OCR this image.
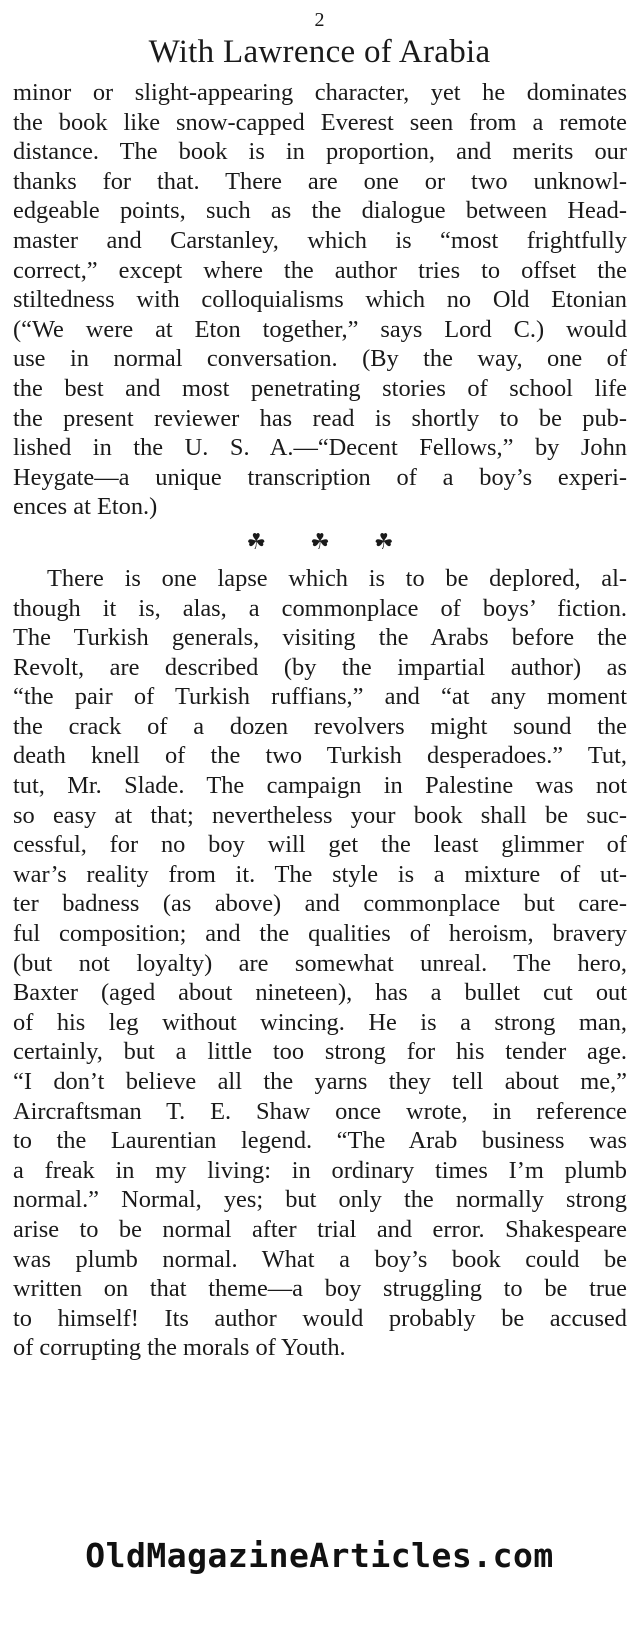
2
With Lawrence of Arabia
minor or slight-appearing character, yet he dominates
the book like snow-capped Everest seen from a remote
distance. The book is in proportion, and merits our
thanks for that. There are one or two unknowl-
edgeable points, such as the dialogue between Head-
master and Carstanley, which is “most frightfully
correct,” except where the author tries to offset the
stiltedness with colloquialisms which no Old Etonian
(“We were at Eton together,” says Lord C.) would
use in normal conversation. (By the way, one of
the best and most penetrating stories of school life
the present reviewer has read is shortly to be pub-
lished in the U. S. A.—“Decent Fellows,” by John
Heygate—a unique transcription of a boy’s experi-
ences at Eton.)
☘ ☘ ☘
There is one lapse which is to be deplored, al-
though it is, alas, a commonplace of boys’ fiction.
The Turkish generals, visiting the Arabs before the
Revolt, are described (by the impartial author) as
“the pair of Turkish ruffians,” and “at any moment
the crack of a dozen revolvers might sound the
death knell of the two Turkish desperadoes.” Tut,
tut, Mr. Slade. The campaign in Palestine was not
so easy at that; nevertheless your book shall be suc-
cessful, for no boy will get the least glimmer of
war’s reality from it. The style is a mixture of ut-
ter badness (as above) and commonplace but care-
ful composition; and the qualities of heroism, bravery
(but not loyalty) are somewhat unreal. The hero,
Baxter (aged about nineteen), has a bullet cut out
of his leg without wincing. He is a strong man,
certainly, but a little too strong for his tender age.
“I don’t believe all the yarns they tell about me,”
Aircraftsman T. E. Shaw once wrote, in reference
to the Laurentian legend. “The Arab business was
a freak in my living: in ordinary times I’m plumb
normal.” Normal, yes; but only the normally strong
arise to be normal after trial and error. Shakespeare
was plumb normal. What a boy’s book could be
written on that theme—a boy struggling to be true
to himself! Its author would probably be accused
of corrupting the morals of Youth.
OldMagazineArticles.com
